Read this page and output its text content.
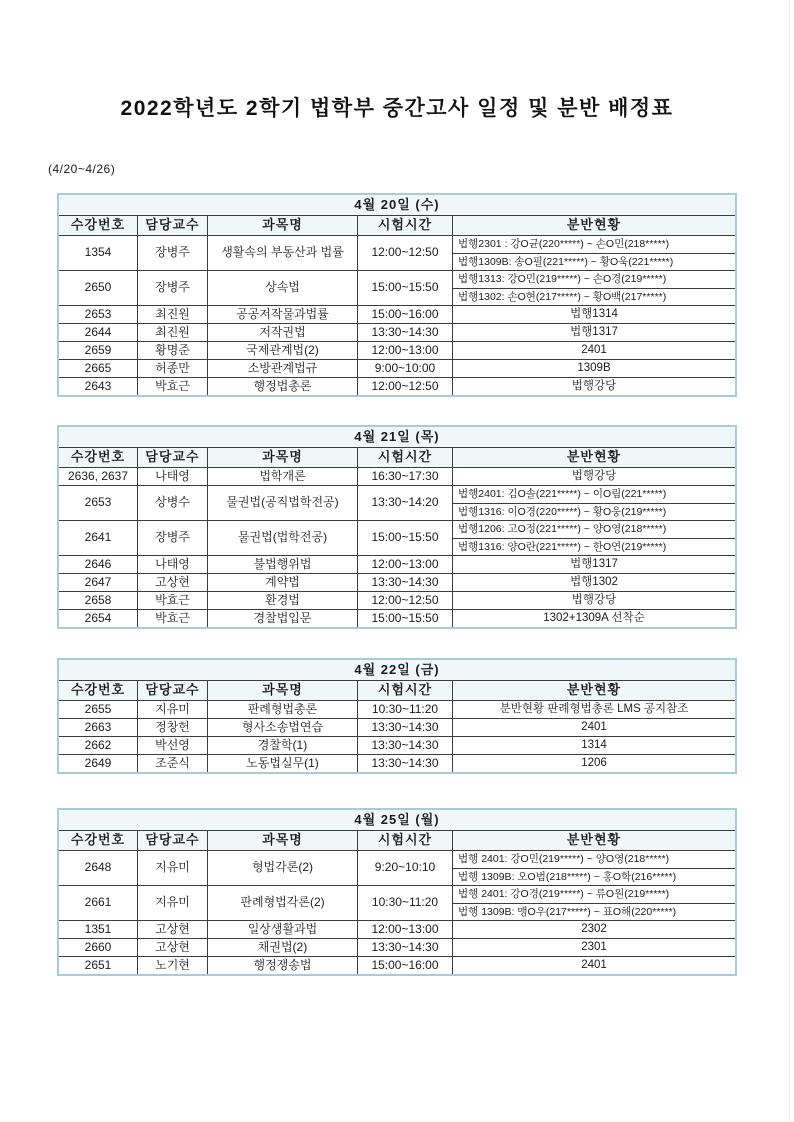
2022학년도 2학기 법학부 중간고사 일정 및 분반 배정표
(4/20~4/26)
4월 20일 (수)
수강번호	담당교수	과목명	시험시간	분반현황
1354	장병주	생활속의 부동산과 법률	12:00~12:50
법행2301 : 강O균(220*****) ~ 손O민(218*****)
법행1309B: 송O필(221*****) ~ 황O욱(221*****)
2650	장병주	상속법	15:00~15:50
법행1313: 강O민(219*****) ~ 손O경(219*****)
법행1302: 손O현(217*****) ~ 황O백(217*****)
2653	최진원	공공저작물과법률	15:00~16:00	법행1314
2644	최진원	저작권법	13:30~14:30	법행1317
2659	황명준	국제관계법(2)	12:00~13:00	2401
2665	허종만	소방관계법규	9:00~10:00	1309B
2643	박효근	행정법총론	12:00~12:50	법행강당
4월 21일 (목)
수강번호	담당교수	과목명	시험시간	분반현황
2636, 2637	나태영	법학개론	16:30~17:30	법행강당
2653	상병수	물권법(공직법학전공)	13:30~14:20
법행2401: 김O솔(221*****) ~ 이O림(221*****)
법행1316: 이O경(220*****) ~ 황O웅(219*****)
2641	장병주	물권법(법학전공)	15:00~15:50
법행1206: 고O정(221*****) ~ 양O영(218*****)
법행1316: 양O란(221*****) ~ 한O연(219*****)
2646	나태영	불법행위법	12:00~13:00	법행1317
2647	고상현	계약법	13:30~14:30	법행1302
2658	박효근	환경법	12:00~12:50	법행강당
2654	박효근	경찰법입문	15:00~15:50	1302+1309A 선착순
4월 22일 (금)
수강번호	담당교수	과목명	시험시간	분반현황
2655	지유미	판례형법총론	10:30~11:20	분반현황 판례형법총론 LMS 공지참조
2663	정창헌	형사소송법연습	13:30~14:30	2401
2662	박선영	경찰학(1)	13:30~14:30	1314
2649	조준식	노동법실무(1)	13:30~14:30	1206
4월 25일 (월)
수강번호	담당교수	과목명	시험시간	분반현황
2648	지유미	형법각론(2)	9:20~10:10
법행 2401: 강O민(219*****) ~ 양O영(218*****)
법행 1309B: 오O범(218*****) ~ 홍O학(216*****)
2661	지유미	판례형법각론(2)	10:30~11:20
법행 2401: 강O경(219*****) ~ 류O원(219*****)
법행 1309B: 맹O우(217*****) ~ 표O해(220*****)
1351	고상현	일상생활과법	12:00~13:00	2302
2660	고상현	채권법(2)	13:30~14:30	2301
2651	노기현	행정쟁송법	15:00~16:00	2401
